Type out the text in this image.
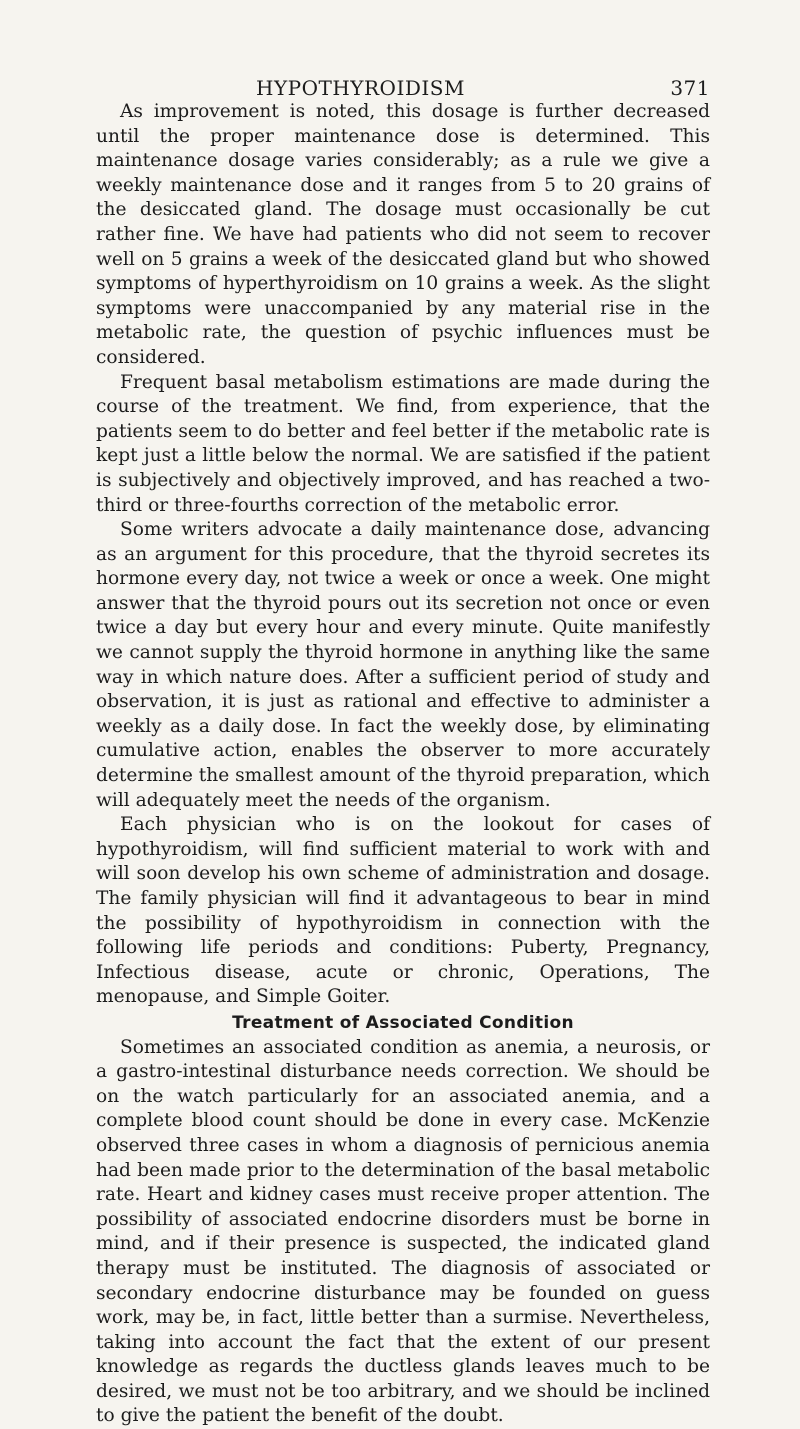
HYPOTHYROIDISM	371

As improvement is noted, this dosage is further decreased until the proper maintenance dose is determined. This maintenance dosage varies considerably; as a rule we give a weekly maintenance dose and it ranges from 5 to 20 grains of the desiccated gland. The dosage must occasionally be cut rather fine. We have had patients who did not seem to recover well on 5 grains a week of the desiccated gland but who showed symptoms of hyperthyroidism on 10 grains a week. As the slight symptoms were unaccompanied by any material rise in the metabolic rate, the question of psychic influences must be considered.

Frequent basal metabolism estimations are made during the course of the treatment. We find, from experience, that the patients seem to do better and feel better if the metabolic rate is kept just a little below the normal. We are satisfied if the patient is subjectively and objectively improved, and has reached a two-third or three-fourths correction of the metabolic error.

Some writers advocate a daily maintenance dose, advancing as an argument for this procedure, that the thyroid secretes its hormone every day, not twice a week or once a week. One might answer that the thyroid pours out its secretion not once or even twice a day but every hour and every minute. Quite manifestly we cannot supply the thyroid hormone in anything like the same way in which nature does. After a sufficient period of study and observation, it is just as rational and effective to administer a weekly as a daily dose. In fact the weekly dose, by eliminating cumulative action, enables the observer to more accurately determine the smallest amount of the thyroid preparation, which will adequately meet the needs of the organism.

Each physician who is on the lookout for cases of hypothyroidism, will find sufficient material to work with and will soon develop his own scheme of administration and dosage. The family physician will find it advantageous to bear in mind the possibility of hypothyroidism in connection with the following life periods and conditions: Puberty, Pregnancy, Infectious disease, acute or chronic, Operations, The menopause, and Simple Goiter.

Treatment of Associated Condition

Sometimes an associated condition as anemia, a neurosis, or a gastro-intestinal disturbance needs correction. We should be on the watch particularly for an associated anemia, and a complete blood count should be done in every case. McKenzie observed three cases in whom a diagnosis of pernicious anemia had been made prior to the determination of the basal metabolic rate. Heart and kidney cases must receive proper attention. The possibility of associated endocrine disorders must be borne in mind, and if their presence is suspected, the indicated gland therapy must be instituted. The diagnosis of associated or secondary endocrine disturbance may be founded on guess work, may be, in fact, little better than a surmise. Nevertheless, taking into account the fact that the extent of our present knowledge as regards the ductless glands leaves much to be desired, we must not be too arbitrary, and we should be inclined to give the patient the benefit of the doubt.
